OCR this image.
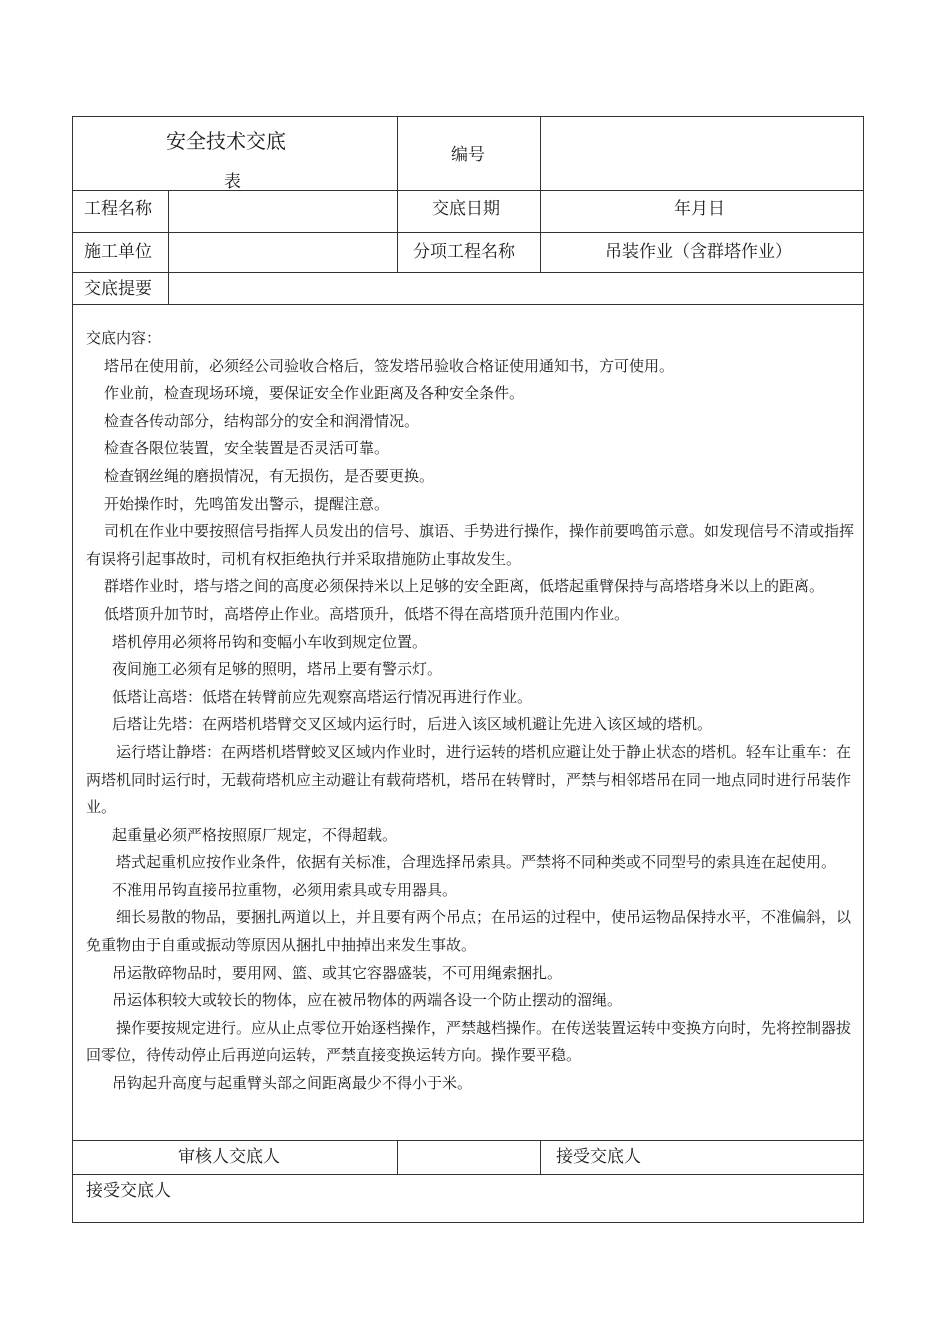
安全技术交底
表
编号
工程名称	交底日期	年月日
施工单位	分项工程名称	吊装作业（含群塔作业）
交底提要

交底内容：

塔吊在使用前，必须经公司验收合格后，签发塔吊验收合格证使用通知书，方可使用。

作业前，检查现场环境，要保证安全作业距离及各种安全条件。

检查各传动部分，结构部分的安全和润滑情况。

检查各限位装置，安全装置是否灵活可靠。

检查钢丝绳的磨损情况，有无损伤，是否要更换。

开始操作时，先鸣笛发出警示，提醒注意。

司机在作业中要按照信号指挥人员发出的信号、旗语、手势进行操作，操作前要鸣笛示意。如发现信号不清或指挥有误将引起事故时，司机有权拒绝执行并采取措施防止事故发生。

群塔作业时，塔与塔之间的高度必须保持米以上足够的安全距离，低塔起重臂保持与高塔塔身米以上的距离。

低塔顶升加节时，高塔停止作业。高塔顶升，低塔不得在高塔顶升范围内作业。

塔机停用必须将吊钩和变幅小车收到规定位置。

夜间施工必须有足够的照明，塔吊上要有警示灯。

低塔让高塔：低塔在转臂前应先观察高塔运行情况再进行作业。

后塔让先塔：在两塔机塔臂交叉区域内运行时，后进入该区域机避让先进入该区域的塔机。

运行塔让静塔：在两塔机塔臂蛟叉区域内作业时，进行运转的塔机应避让处于静止状态的塔机。轻车让重车：在两塔机同时运行时，无载荷塔机应主动避让有载荷塔机，塔吊在转臂时，严禁与相邻塔吊在同一地点同时进行吊装作业。

起重量必须严格按照原厂规定，不得超载。

塔式起重机应按作业条件，依据有关标准，合理选择吊索具。严禁将不同种类或不同型号的索具连在起使用。

不准用吊钩直接吊拉重物，必须用索具或专用器具。

细长易散的物品，要捆扎两道以上，并且要有两个吊点；在吊运的过程中，使吊运物品保持水平，不准偏斜，以免重物由于自重或振动等原因从捆扎中抽掉出来发生事故。

吊运散碎物品时，要用网、篮、或其它容器盛装，不可用绳索捆扎。

吊运体积较大或较长的物体，应在被吊物体的两端各设一个防止摆动的溜绳。

操作要按规定进行。应从止点零位开始逐档操作，严禁越档操作。在传送装置运转中变换方向时，先将控制器拔回零位，待传动停止后再逆向运转，严禁直接变换运转方向。操作要平稳。

吊钩起升高度与起重臂头部之间距离最少不得小于米。

审核人交底人	接受交底人
接受交底人
